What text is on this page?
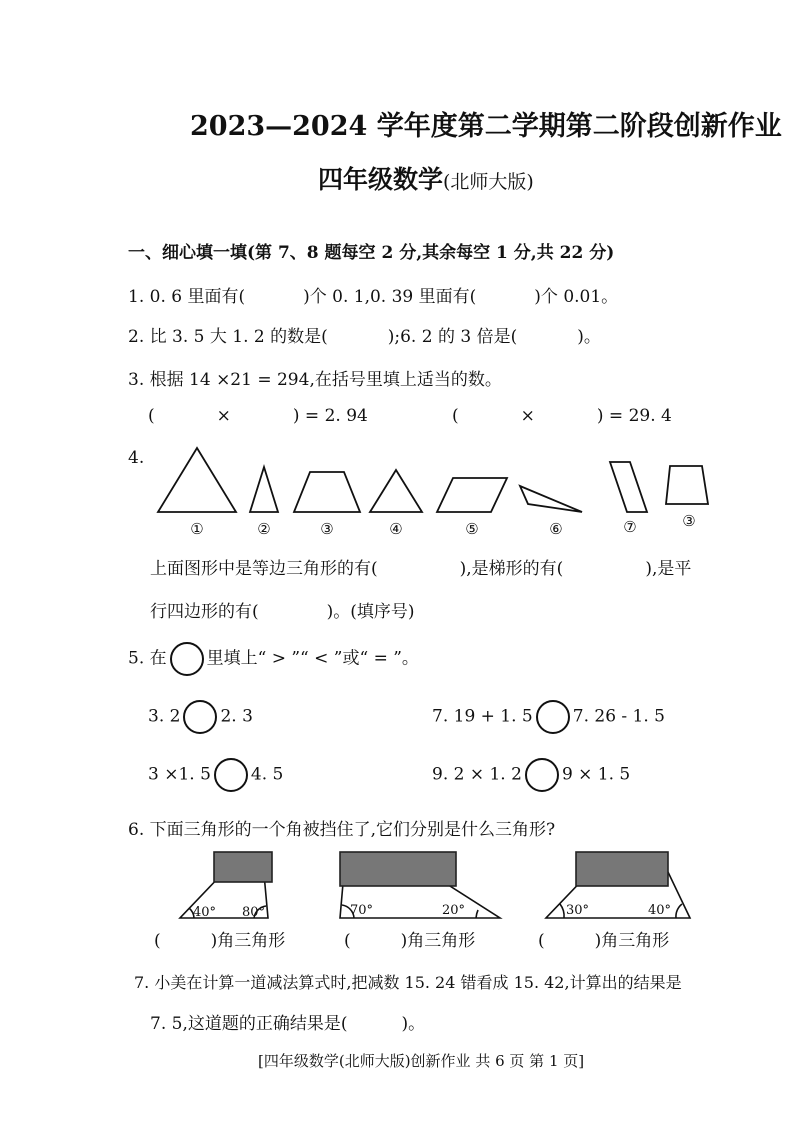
2023—2024 学年度第二学期第二阶段创新作业
四年级数学(北师大版)
一、细心填一填(第 7、8 题每空 2 分,其余每空 1 分,共 22 分)
1. 0. 6 里面有(	)个 0. 1,0. 39 里面有(	)个 0.01。
2. 比 3. 5 大 1. 2 的数是(	);6. 2 的 3 倍是(	)。
3. 根据 14 ×21 = 294,在括号里填上适当的数。
(	×	) = 2. 94	(	×	) = 29. 4
4.
①	②	③	④	⑤	⑥	⑦	③
上面图形中是等边三角形的有(	),是梯形的有(	),是平
行四边形的有(	)。(填序号)
5. 在 里填上“ > ”“ < ”或“ = ”。
3. 2 2. 3	7. 19 + 1. 5 7. 26 - 1. 5
3 ×1. 5 4. 5	9. 2 × 1. 2 9 × 1. 5
6. 下面三角形的一个角被挡住了,它们分别是什么三角形?
40° 80°	70°	20°	30°	40°
(	)角三角形	(	)角三角形	(	)角三角形
7. 小美在计算一道减法算式时,把减数 15. 24 错看成 15. 42,计算出的结果是
7. 5,这道题的正确结果是(	)。
[四年级数学(北师大版)创新作业 共 6 页 第 1 页]
